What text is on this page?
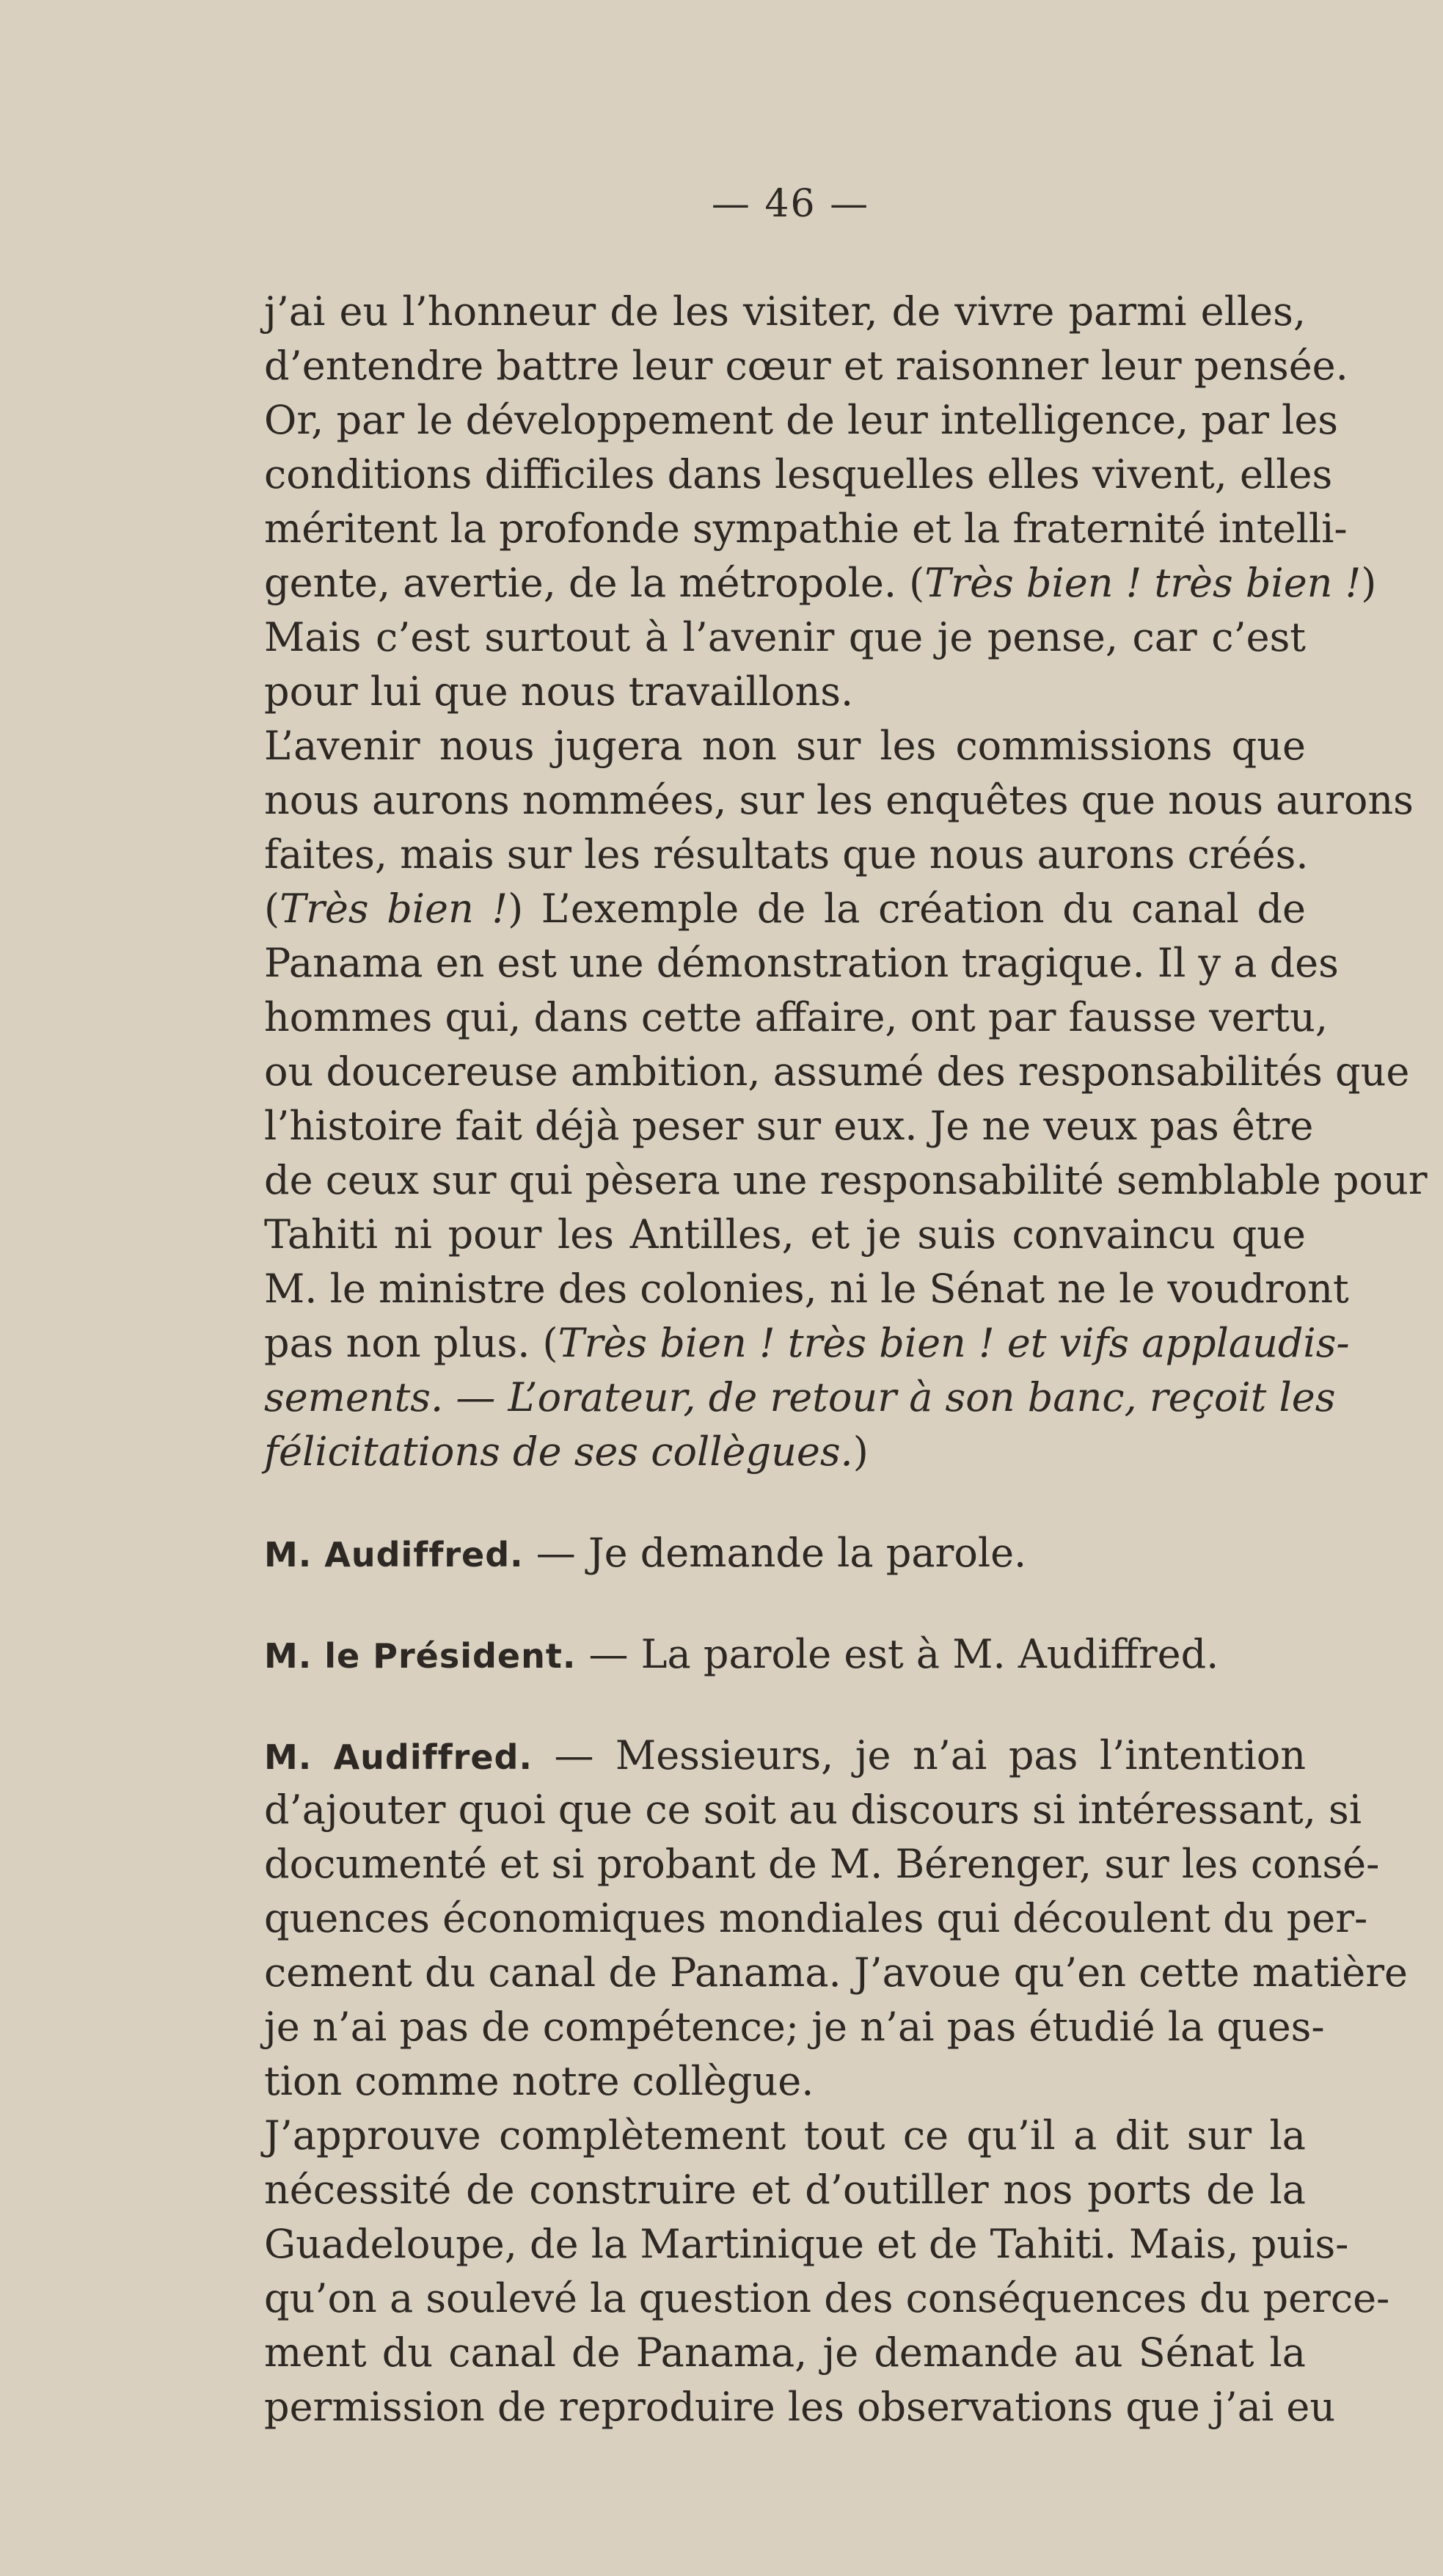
— 46 —
j’ai eu l’honneur de les visiter, de vivre parmi elles,
d’entendre battre leur cœur et raisonner leur pensée.
Or, par le développement de leur intelligence, par les
conditions difficiles dans lesquelles elles vivent, elles
méritent la profonde sympathie et la fraternité intelli-
gente, avertie, de la métropole. (Très bien ! très bien !)
Mais c’est surtout à l’avenir que je pense, car c’est
pour lui que nous travaillons.
L’avenir nous jugera non sur les commissions que
nous aurons nommées, sur les enquêtes que nous aurons
faites, mais sur les résultats que nous aurons créés.
(Très bien !) L’exemple de la création du canal de
Panama en est une démonstration tragique. Il y a des
hommes qui, dans cette affaire, ont par fausse vertu,
ou doucereuse ambition, assumé des responsabilités que
l’histoire fait déjà peser sur eux. Je ne veux pas être
de ceux sur qui pèsera une responsabilité semblable pour
Tahiti ni pour les Antilles, et je suis convaincu que
M. le ministre des colonies, ni le Sénat ne le voudront
pas non plus. (Très bien ! très bien ! et vifs applaudis-
sements. — L’orateur, de retour à son banc, reçoit les
félicitations de ses collègues.)
M. Audiffred. — Je demande la parole.
M. le Président. — La parole est à M. Audiffred.
M. Audiffred. — Messieurs, je n’ai pas l’intention
d’ajouter quoi que ce soit au discours si intéressant, si
documenté et si probant de M. Bérenger, sur les consé-
quences économiques mondiales qui découlent du per-
cement du canal de Panama. J’avoue qu’en cette matière
je n’ai pas de compétence; je n’ai pas étudié la ques-
tion comme notre collègue.
J’approuve complètement tout ce qu’il a dit sur la
nécessité de construire et d’outiller nos ports de la
Guadeloupe, de la Martinique et de Tahiti. Mais, puis-
qu’on a soulevé la question des conséquences du perce-
ment du canal de Panama, je demande au Sénat la
permission de reproduire les observations que j’ai eu
